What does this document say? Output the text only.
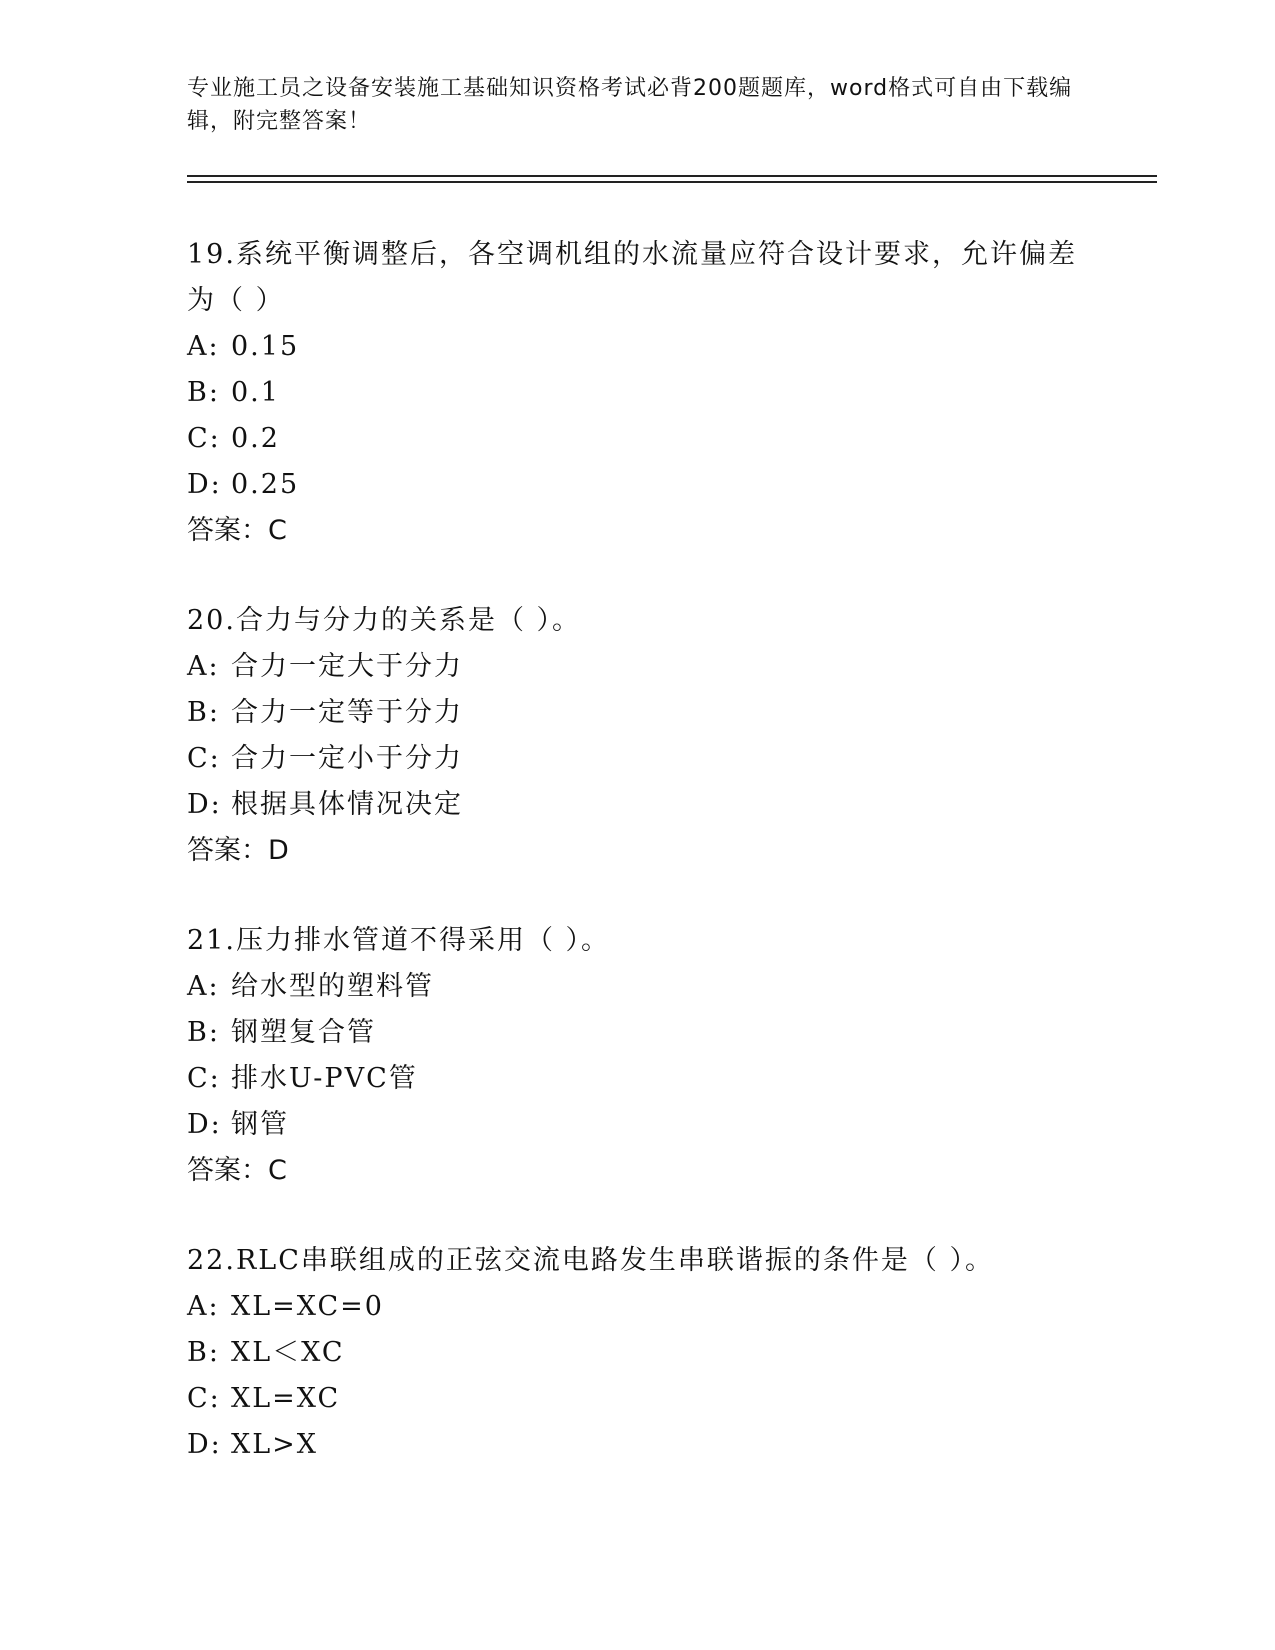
专业施工员之设备安装施工基础知识资格考试必背200题题库，word格式可自由下载编辑，附完整答案！

19.系统平衡调整后，各空调机组的水流量应符合设计要求，允许偏差为（ ）

A: 0.15

B: 0.1

C: 0.2

D: 0.25

答案：C

20.合力与分力的关系是（ ）。

A: 合力一定大于分力

B: 合力一定等于分力

C: 合力一定小于分力

D: 根据具体情况决定

答案：D

21.压力排水管道不得采用（ ）。

A: 给水型的塑料管

B: 钢塑复合管

C: 排水U-PVC管

D: 钢管

答案：C

22.RLC串联组成的正弦交流电路发生串联谐振的条件是（ ）。

A: XL=XC=0

B: XL＜XC

C: XL=XC

D: XL>X
